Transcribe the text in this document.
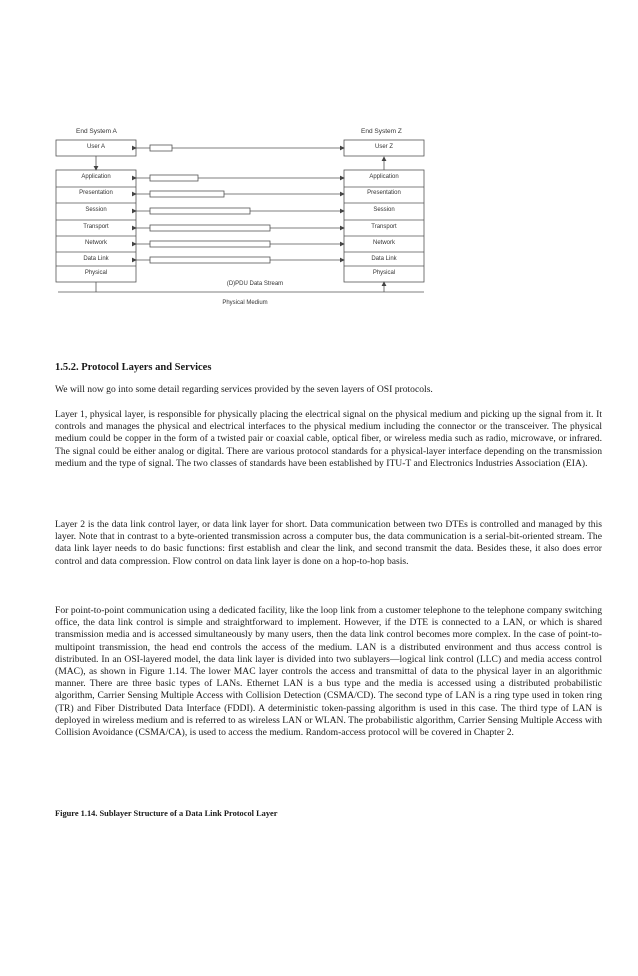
End System A	End System Z
User A
Application
Presentation
Session
Transport
Network
Data Link
Physical
User Z
Application
Presentation
Session
Transport
Network
Data Link
Physical
(D)PDU Data Stream
Physical Medium
1.5.2. Protocol Layers and Services

We will now go into some detail regarding services provided by the seven layers of OSI protocols.

Layer 1, physical layer, is responsible for physically placing the electrical signal on the physical medium and picking up the signal from it. It controls and manages the physical and electrical interfaces to the physical medium including the connector or the transceiver. The physical medium could be copper in the form of a twisted pair or coaxial cable, optical fiber, or wireless media such as radio, microwave, or infrared. The signal could be either analog or digital. There are various protocol standards for a physical-layer interface depending on the transmission medium and the type of signal. The two classes of standards have been established by ITU-T and Electronics Industries Association (EIA).

Layer 2 is the data link control layer, or data link layer for short. Data communication between two DTEs is controlled and managed by this layer. Note that in contrast to a byte-oriented transmission across a computer bus, the data communication is a serial-bit-oriented stream. The data link layer needs to do basic functions: first establish and clear the link, and second transmit the data. Besides these, it also does error control and data compression. Flow control on data link layer is done on a hop-to-hop basis.

For point-to-point communication using a dedicated facility, like the loop link from a customer telephone to the telephone company switching office, the data link control is simple and straightforward to implement. However, if the DTE is connected to a LAN, or which is shared transmission media and is accessed simultaneously by many users, then the data link control becomes more complex. In the case of point-to-multipoint transmission, the head end controls the access of the medium. LAN is a distributed environment and thus access control is distributed. In an OSI-layered model, the data link layer is divided into two sublayers—logical link control (LLC) and media access control (MAC), as shown in Figure 1.14. The lower MAC layer controls the access and transmittal of data to the physical layer in an algorithmic manner. There are three basic types of LANs. Ethernet LAN is a bus type and the media is accessed using a distributed probabilistic algorithm, Carrier Sensing Multiple Access with Collision Detection (CSMA/CD). The second type of LAN is a ring type used in token ring (TR) and Fiber Distributed Data Interface (FDDI). A deterministic token-passing algorithm is used in this case. The third type of LAN is deployed in wireless medium and is referred to as wireless LAN or WLAN. The probabilistic algorithm, Carrier Sensing Multiple Access with Collision Avoidance (CSMA/CA), is used to access the medium. Random-access protocol will be covered in Chapter 2.

Figure 1.14. Sublayer Structure of a Data Link Protocol Layer
